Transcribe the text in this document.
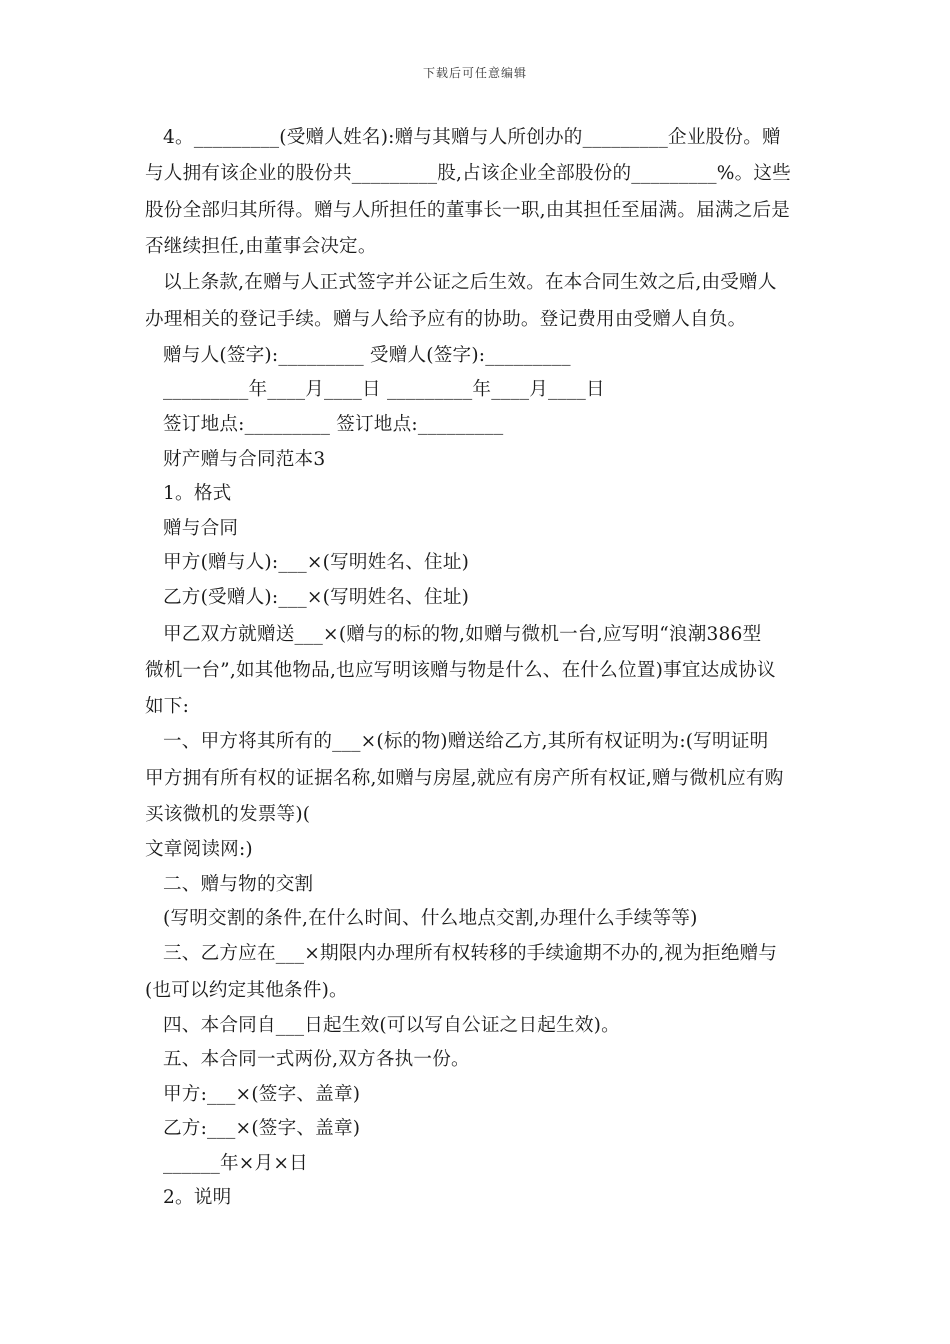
下载后可任意编辑
4。_________(受赠人姓名):赠与其赠与人所创办的_________企业股份。赠
与人拥有该企业的股份共_________股,占该企业全部股份的_________%。这些
股份全部归其所得。赠与人所担任的董事长一职,由其担任至届满。届满之后是
否继续担任,由董事会决定。
以上条款,在赠与人正式签字并公证之后生效。在本合同生效之后,由受赠人
办理相关的登记手续。赠与人给予应有的协助。登记费用由受赠人自负。
赠与人(签字):_________ 受赠人(签字):_________
_________年____月____日 _________年____月____日
签订地点:_________ 签订地点:_________
财产赠与合同范本3
1。格式
赠与合同
甲方(赠与人):___×(写明姓名、住址)
乙方(受赠人):___×(写明姓名、住址)
甲乙双方就赠送___×(赠与的标的物,如赠与微机一台,应写明“浪潮386型
微机一台”,如其他物品,也应写明该赠与物是什么、在什么位置)事宜达成协议
如下:
一、甲方将其所有的___×(标的物)赠送给乙方,其所有权证明为:(写明证明
甲方拥有所有权的证据名称,如赠与房屋,就应有房产所有权证,赠与微机应有购
买该微机的发票等)(
文章阅读网:)
二、赠与物的交割
(写明交割的条件,在什么时间、什么地点交割,办理什么手续等等)
三、乙方应在___×期限内办理所有权转移的手续逾期不办的,视为拒绝赠与
(也可以约定其他条件)。
四、本合同自___日起生效(可以写自公证之日起生效)。
五、本合同一式两份,双方各执一份。
甲方:___×(签字、盖章)
乙方:___×(签字、盖章)
______年×月×日
2。说明
